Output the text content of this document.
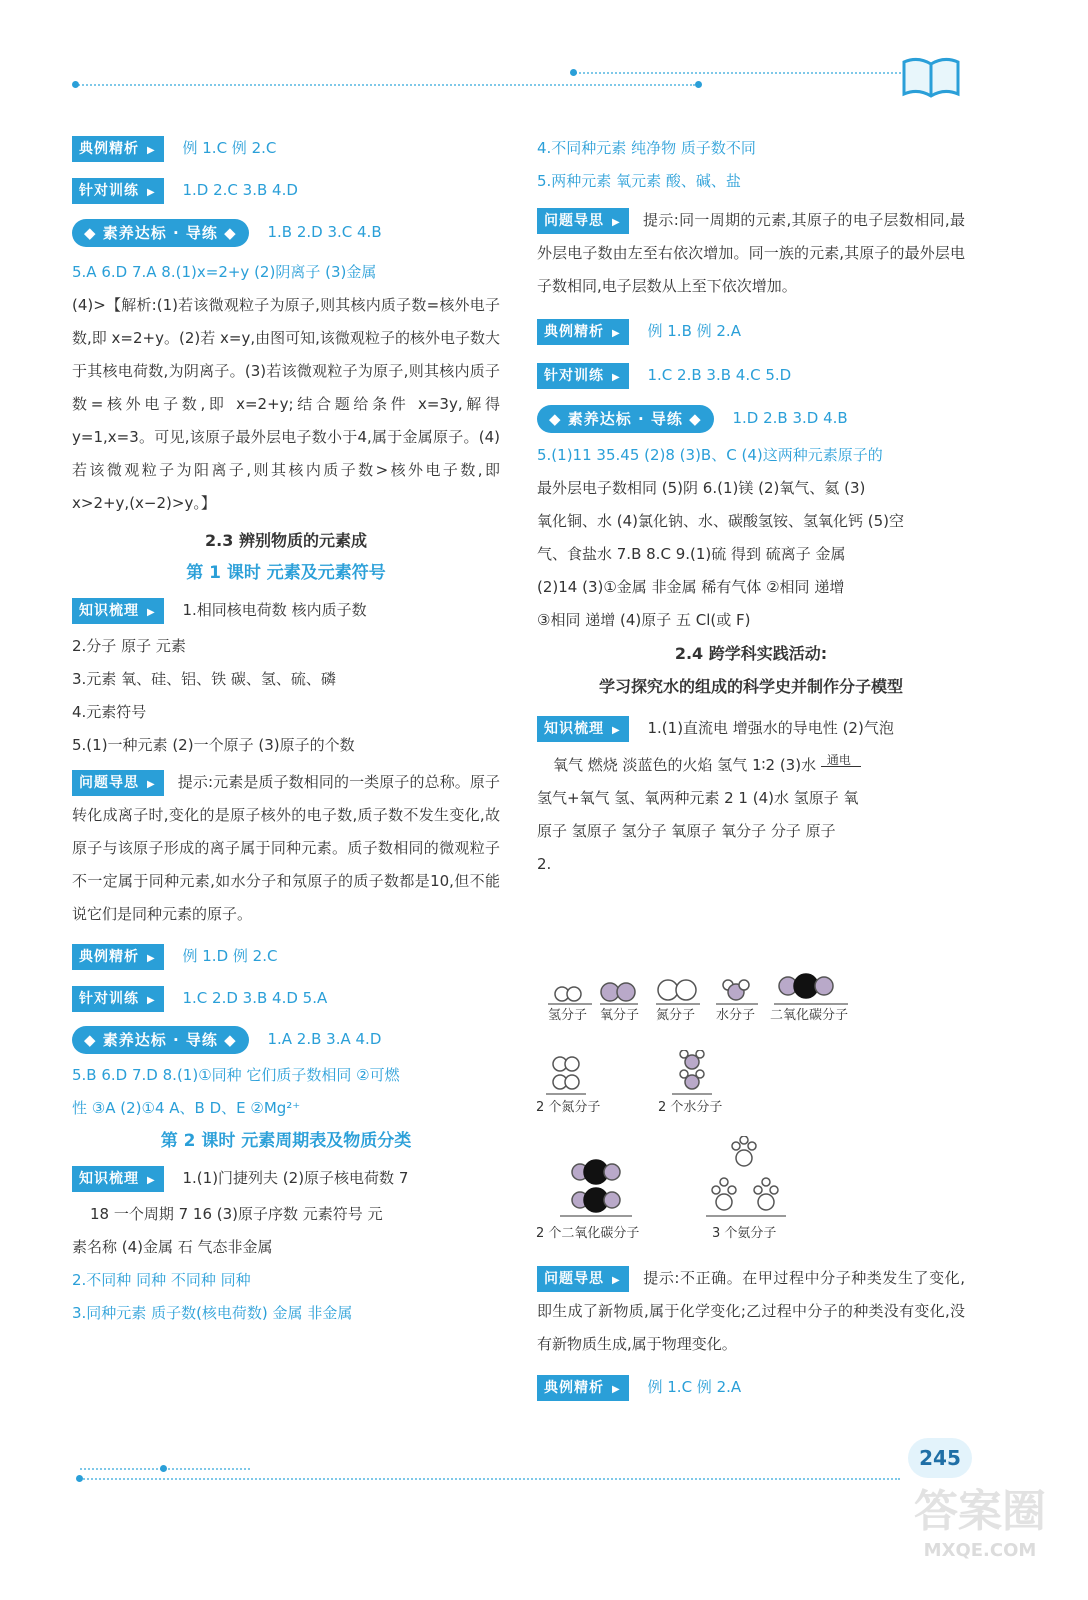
典例精析 ▶ 例 1.C 例 2.C
针对训练 ▶ 1.D 2.C 3.B 4.D
◆ 素养达标 · 导练 ◆ 1.B 2.D 3.C 4.B
5.A 6.D 7.A 8.(1)x=2+y (2)阴离子 (3)金属
(4)>【解析:(1)若该微观粒子为原子,则其核内质子数=核外电子数,即 x=2+y。(2)若 x=y,由图可知,该微观粒子的核外电子数大于其核电荷数,为阴离子。(3)若该微观粒子为原子,则其核内质子数=核外电子数,即 x=2+y;结合题给条件 x=3y,解得 y=1,x=3。可见,该原子最外层电子数小于4,属于金属原子。(4)若该微观粒子为阳离子,则其核内质子数>核外电子数,即 x>2+y,(x−2)>y。】
2.3 辨别物质的元素成
第 1 课时 元素及元素符号
知识梳理 ▶ 1.相同核电荷数 核内质子数
2.分子 原子 元素
3.元素 氧、硅、铝、铁 碳、氢、硫、磷
4.元素符号
5.(1)一种元素 (2)一个原子 (3)原子的个数
问题导思 ▶ 提示:元素是质子数相同的一类原子的总称。原子转化成离子时,变化的是原子核外的电子数,质子数不发生变化,故原子与该原子形成的离子属于同种元素。质子数相同的微观粒子不一定属于同种元素,如水分子和氖原子的质子数都是10,但不能说它们是同种元素的原子。
典例精析 ▶ 例 1.D 例 2.C
针对训练 ▶ 1.C 2.D 3.B 4.D 5.A
◆ 素养达标 · 导练 ◆ 1.A 2.B 3.A 4.D
5.B 6.D 7.D 8.(1)①同种 它们质子数相同 ②可燃
性 ③A (2)①4 A、B D、E ②Mg²⁺
第 2 课时 元素周期表及物质分类
知识梳理 ▶ 1.(1)门捷列夫 (2)原子核电荷数 7
18 一个周期 7 16 (3)原子序数 元素符号 元
素名称 (4)金属 石 气态非金属
2.不同种 同种 不同种 同种
3.同种元素 质子数(核电荷数) 金属 非金属
4.不同种元素 纯净物 质子数不同
5.两种元素 氧元素 酸、碱、盐
问题导思 ▶ 提示:同一周期的元素,其原子的电子层数相同,最外层电子数由左至右依次增加。同一族的元素,其原子的最外层电子数相同,电子层数从上至下依次增加。
典例精析 ▶ 例 1.B 例 2.A
针对训练 ▶ 1.C 2.B 3.B 4.C 5.D
◆ 素养达标 · 导练 ◆ 1.D 2.B 3.D 4.B
5.(1)11 35.45 (2)8 (3)B、C (4)这两种元素原子的
最外层电子数相同 (5)阴 6.(1)镁 (2)氧气、氦 (3)
氧化铜、水 (4)氯化钠、水、碳酸氢铵、氢氧化钙 (5)空
气、食盐水 7.B 8.C 9.(1)硫 得到 硫离子 金属
(2)14 (3)①金属 非金属 稀有气体 ②相同 递增
③相同 递增 (4)原子 五 Cl(或 F)
2.4 跨学科实践活动:
学习探究水的组成的科学史并制作分子模型
知识梳理 ▶ 1.(1)直流电 增强水的导电性 (2)气泡
氧气 燃烧 淡蓝色的火焰 氢气 1∶2 (3)水 通电
氢气+氧气 氢、氧两种元素 2 1 (4)水 氢原子 氧
原子 氢原子 氢分子 氧原子 氧分子 分子 原子
2.
氢分子 氧分子 氮分子 水分子 二氧化碳分子
2 个氮分子	2 个水分子
2 个二氧化碳分子	3 个氨分子
问题导思 ▶ 提示:不正确。在甲过程中分子种类发生了变化,即生成了新物质,属于化学变化;乙过程中分子的种类没有变化,没有新物质生成,属于物理变化。
典例精析 ▶ 例 1.C 例 2.A
245
答案圈
MXQE.COM
